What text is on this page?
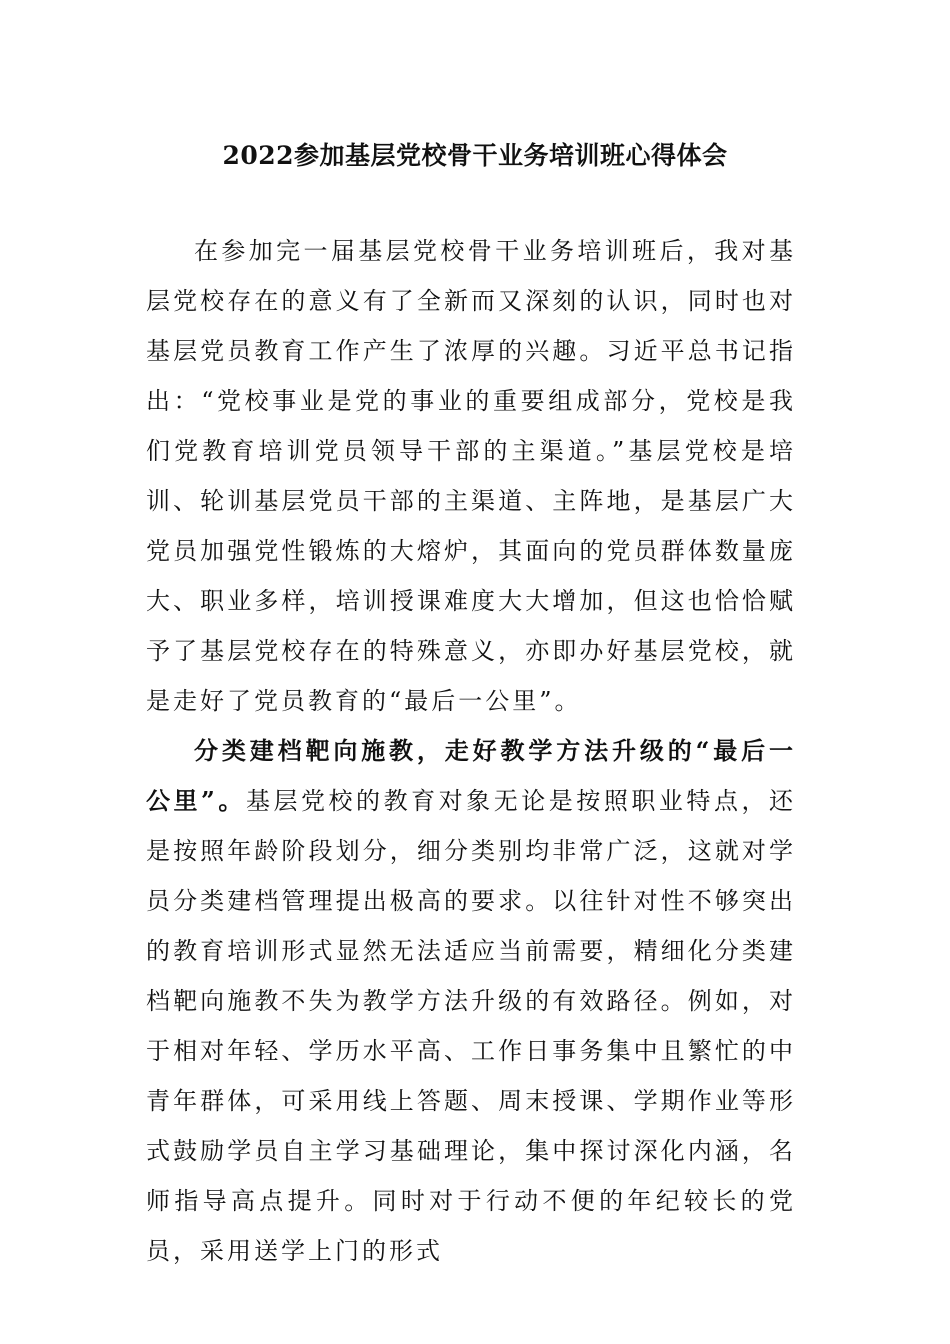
2022参加基层党校骨干业务培训班心得体会

在参加完一届基层党校骨干业务培训班后，我对基层党校存在的意义有了全新而又深刻的认识，同时也对基层党员教育工作产生了浓厚的兴趣。习近平总书记指出：“党校事业是党的事业的重要组成部分，党校是我们党教育培训党员领导干部的主渠道。”基层党校是培训、轮训基层党员干部的主渠道、主阵地，是基层广大党员加强党性锻炼的大熔炉，其面向的党员群体数量庞大、职业多样，培训授课难度大大增加，但这也恰恰赋予了基层党校存在的特殊意义，亦即办好基层党校，就是走好了党员教育的“最后一公里”。

分类建档靶向施教，走好教学方法升级的“最后一公里”。基层党校的教育对象无论是按照职业特点，还是按照年龄阶段划分，细分类别均非常广泛，这就对学员分类建档管理提出极高的要求。以往针对性不够突出的教育培训形式显然无法适应当前需要，精细化分类建档靶向施教不失为教学方法升级的有效路径。例如，对于相对年轻、学历水平高、工作日事务集中且繁忙的中青年群体，可采用线上答题、周末授课、学期作业等形式鼓励学员自主学习基础理论，集中探讨深化内涵，名师指导高点提升。同时对于行动不便的年纪较长的党员，采用送学上门的形式
